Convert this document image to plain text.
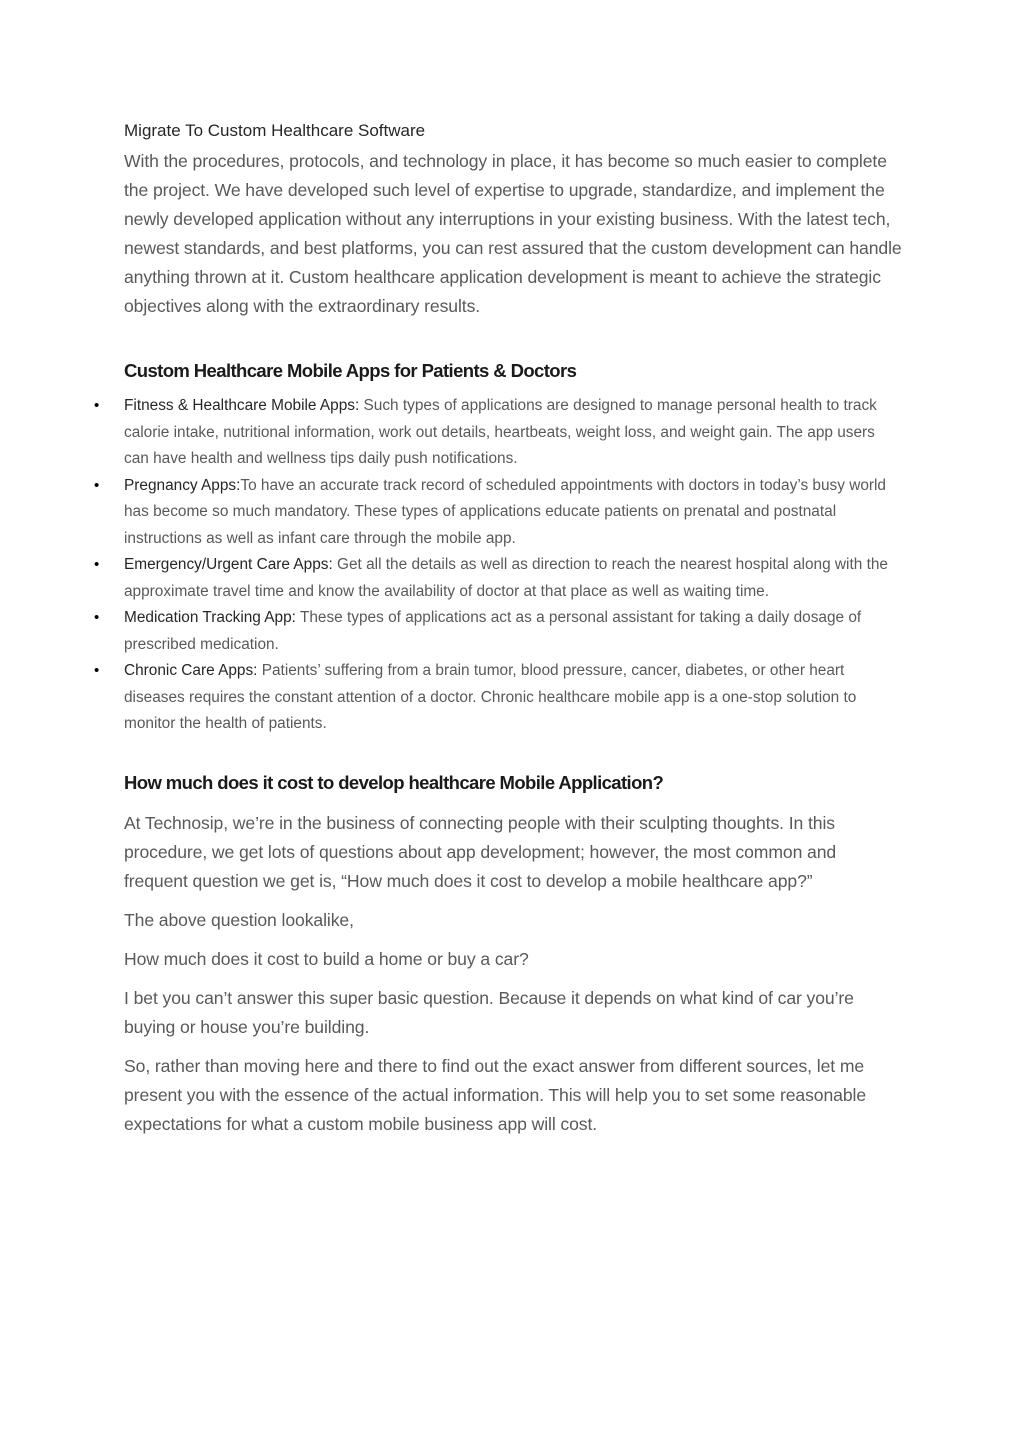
Migrate To Custom Healthcare Software

With the procedures, protocols, and technology in place, it has become so much easier to complete the project. We have developed such level of expertise to upgrade, standardize, and implement the newly developed application without any interruptions in your existing business. With the latest tech, newest standards, and best platforms, you can rest assured that the custom development can handle anything thrown at it. Custom healthcare application development is meant to achieve the strategic objectives along with the extraordinary results.

Custom Healthcare Mobile Apps for Patients & Doctors
• Fitness & Healthcare Mobile Apps: Such types of applications are designed to manage personal health to track calorie intake, nutritional information, work out details, heartbeats, weight loss, and weight gain. The app users can have health and wellness tips daily push notifications.
• Pregnancy Apps:To have an accurate track record of scheduled appointments with doctors in today’s busy world has become so much mandatory. These types of applications educate patients on prenatal and postnatal instructions as well as infant care through the mobile app.
• Emergency/Urgent Care Apps: Get all the details as well as direction to reach the nearest hospital along with the approximate travel time and know the availability of doctor at that place as well as waiting time.
• Medication Tracking App: These types of applications act as a personal assistant for taking a daily dosage of prescribed medication.
• Chronic Care Apps: Patients’ suffering from a brain tumor, blood pressure, cancer, diabetes, or other heart diseases requires the constant attention of a doctor. Chronic healthcare mobile app is a one-stop solution to monitor the health of patients.
How much does it cost to develop healthcare Mobile Application?

At Technosip, we’re in the business of connecting people with their sculpting thoughts. In this procedure, we get lots of questions about app development; however, the most common and frequent question we get is, “How much does it cost to develop a mobile healthcare app?”

The above question lookalike,

How much does it cost to build a home or buy a car?

I bet you can’t answer this super basic question. Because it depends on what kind of car you’re buying or house you’re building.

So, rather than moving here and there to find out the exact answer from different sources, let me present you with the essence of the actual information. This will help you to set some reasonable expectations for what a custom mobile business app will cost.
